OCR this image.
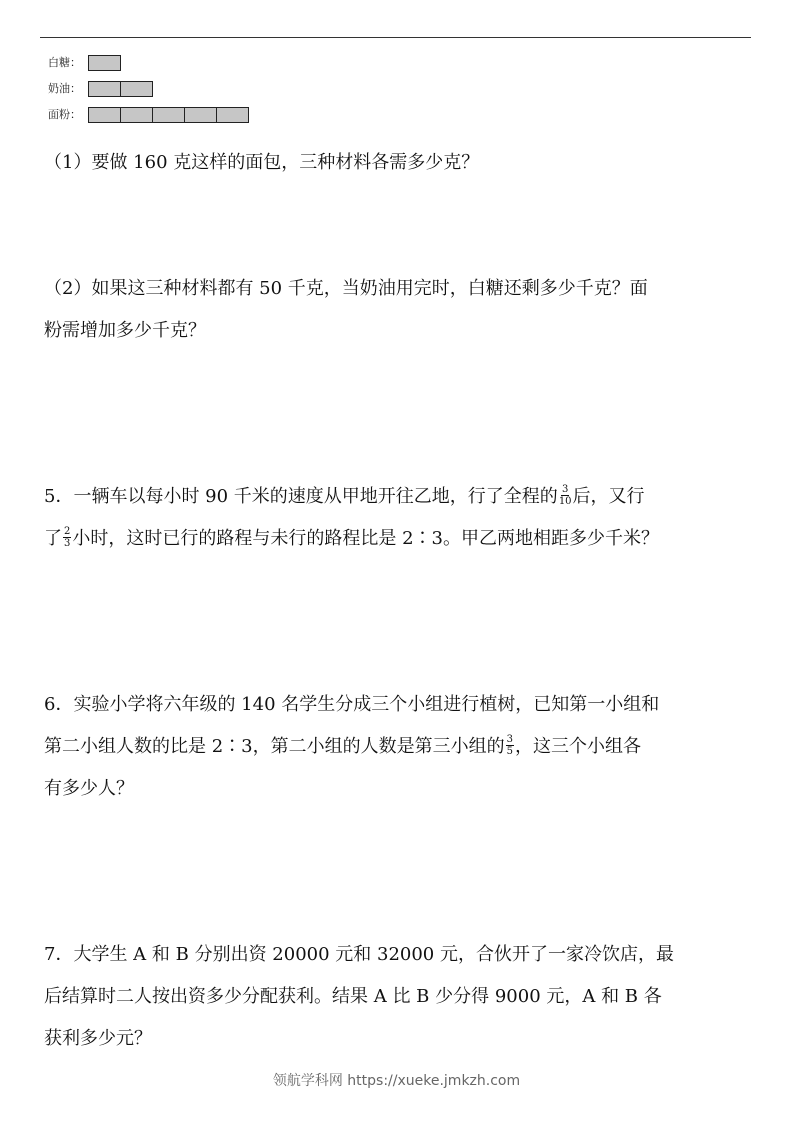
白糖：
奶油：
面粉：

（1）要做 160 克这样的面包，三种材料各需多少克？

（2）如果这三种材料都有 50 千克，当奶油用完时，白糖还剩多少千克？面
粉需增加多少千克？

5．一辆车以每小时 90 千米的速度从甲地开往乙地，行了全程的 $\frac{3}{10}$ 后，又行
了 $\frac{2}{3}$ 小时，这时已行的路程与未行的路程比是 2∶3。甲乙两地相距多少千米？

6．实验小学将六年级的 140 名学生分成三个小组进行植树，已知第一小组和
第二小组人数的比是 2∶3，第二小组的人数是第三小组的 $\frac{3}{5}$ ，这三个小组各
有多少人？

7．大学生 A 和 B 分别出资 20000 元和 32000 元，合伙开了一家冷饮店，最
后结算时二人按出资多少分配获利。结果 A 比 B 少分得 9000 元，A 和 B 各
获利多少元？

领航学科网 https://xueke.jmkzh.com
